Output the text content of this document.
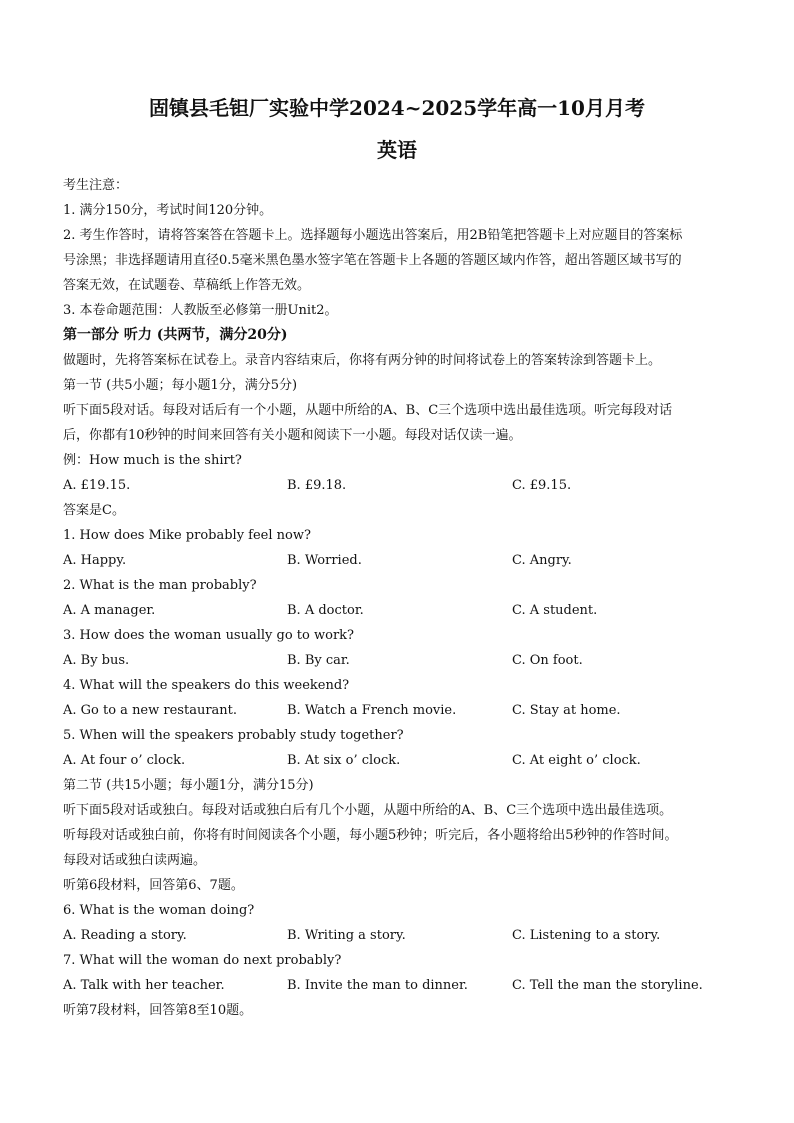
固镇县毛钽厂实验中学2024~2025学年高一10月月考
英语
考生注意：
1. 满分150分，考试时间120分钟。
2. 考生作答时，请将答案答在答题卡上。选择题每小题选出答案后，用2B铅笔把答题卡上对应题目的答案标
号涂黑；非选择题请用直径0.5毫米黑色墨水签字笔在答题卡上各题的答题区域内作答，超出答题区域书写的
答案无效，在试题卷、草稿纸上作答无效。
3. 本卷命题范围：人教版至必修第一册Unit2。
第一部分 听力 (共两节，满分20分)
做题时，先将答案标在试卷上。录音内容结束后，你将有两分钟的时间将试卷上的答案转涂到答题卡上。
第一节 (共5小题；每小题1分，满分5分)
听下面5段对话。每段对话后有一个小题，从题中所给的A、B、C三个选项中选出最佳选项。听完每段对话
后，你都有10秒钟的时间来回答有关小题和阅读下一小题。每段对话仅读一遍。
例：How much is the shirt?
A. £19.15.	B. £9.18.	C. £9.15.
答案是C。
1. How does Mike probably feel now?
A. Happy.	B. Worried.	C. Angry.
2. What is the man probably?
A. A manager.	B. A doctor.	C. A student.
3. How does the woman usually go to work?
A. By bus.	B. By car.	C. On foot.
4. What will the speakers do this weekend?
A. Go to a new restaurant.	B. Watch a French movie.	C. Stay at home.
5. When will the speakers probably study together?
A. At four o’ clock.	B. At six o’ clock.	C. At eight o’ clock.
第二节 (共15小题；每小题1分，满分15分)
听下面5段对话或独白。每段对话或独白后有几个小题，从题中所给的A、B、C三个选项中选出最佳选项。
听每段对话或独白前，你将有时间阅读各个小题，每小题5秒钟；听完后，各小题将给出5秒钟的作答时间。
每段对话或独白读两遍。
听第6段材料，回答第6、7题。
6. What is the woman doing?
A. Reading a story.	B. Writing a story.	C. Listening to a story.
7. What will the woman do next probably?
A. Talk with her teacher.	B. Invite the man to dinner.	C. Tell the man the storyline.
听第7段材料，回答第8至10题。
